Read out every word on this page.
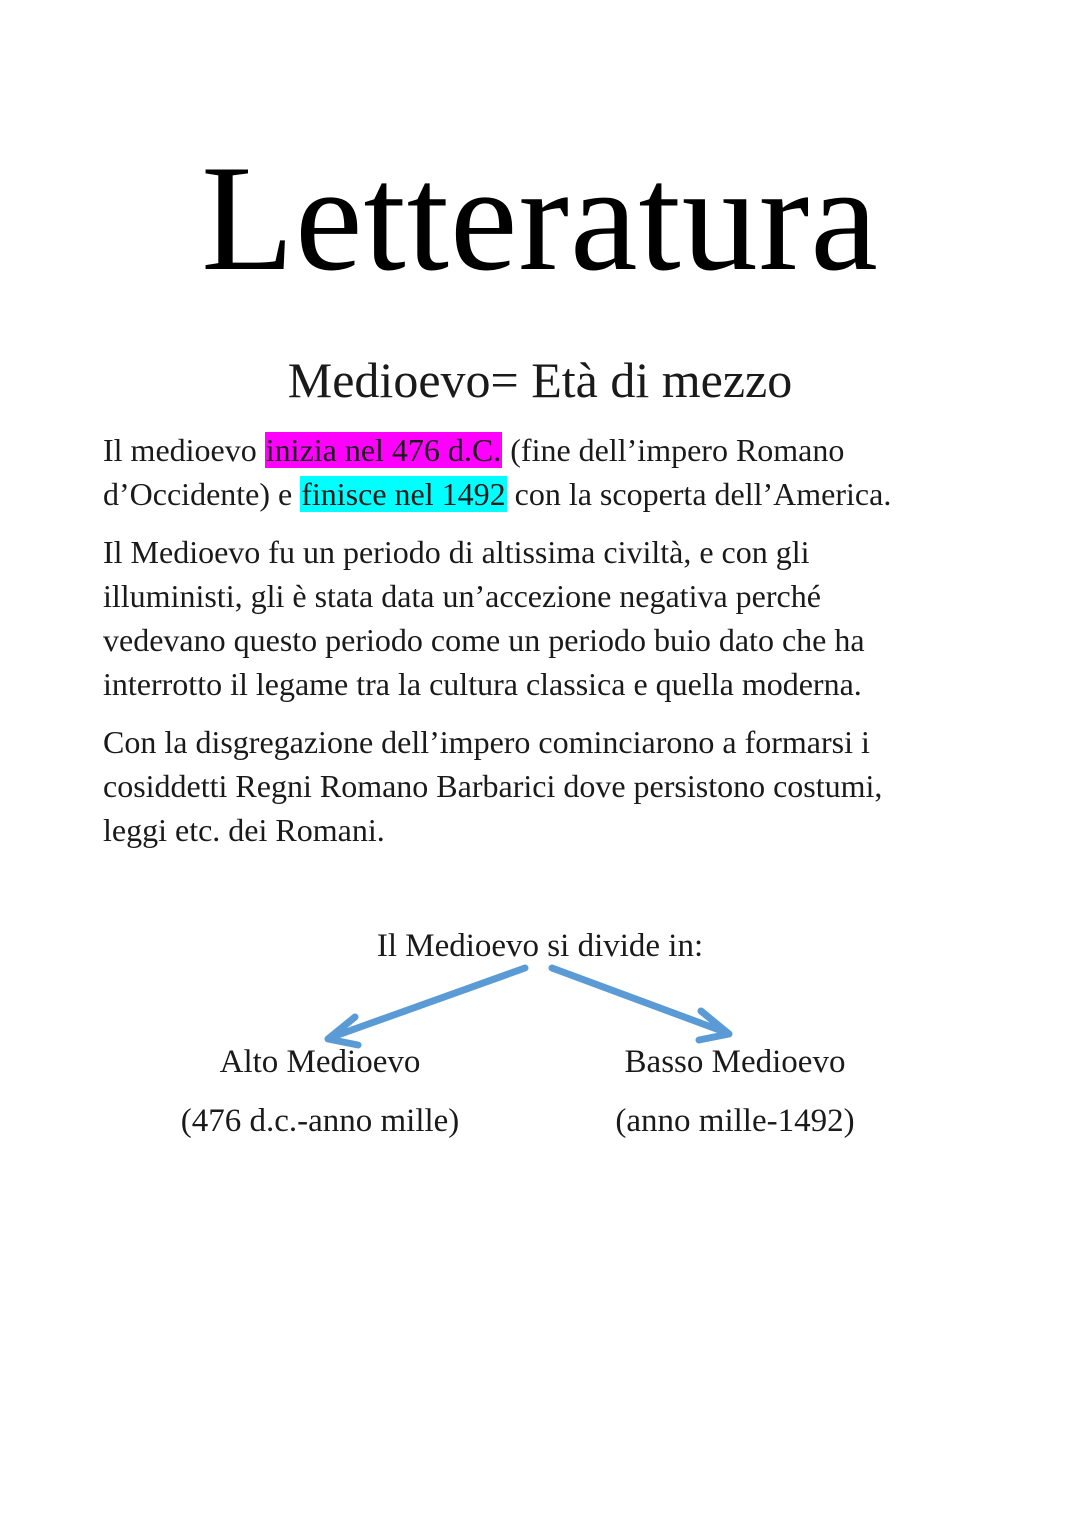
Letteratura
Medioevo= Età di mezzo

Il medioevo inizia nel 476 d.C. (fine dell’impero Romano
d’Occidente) e finisce nel 1492 con la scoperta dell’America.

Il Medioevo fu un periodo di altissima civiltà, e con gli
illuministi, gli è stata data un’accezione negativa perché
vedevano questo periodo come un periodo buio dato che ha
interrotto il legame tra la cultura classica e quella moderna.

Con la disgregazione dell’impero cominciarono a formarsi i
cosiddetti Regni Romano Barbarici dove persistono costumi,
leggi etc. dei Romani.

Il Medioevo si divide in:
Alto Medioevo
(476 d.c.-anno mille)
Basso Medioevo
(anno mille-1492)
